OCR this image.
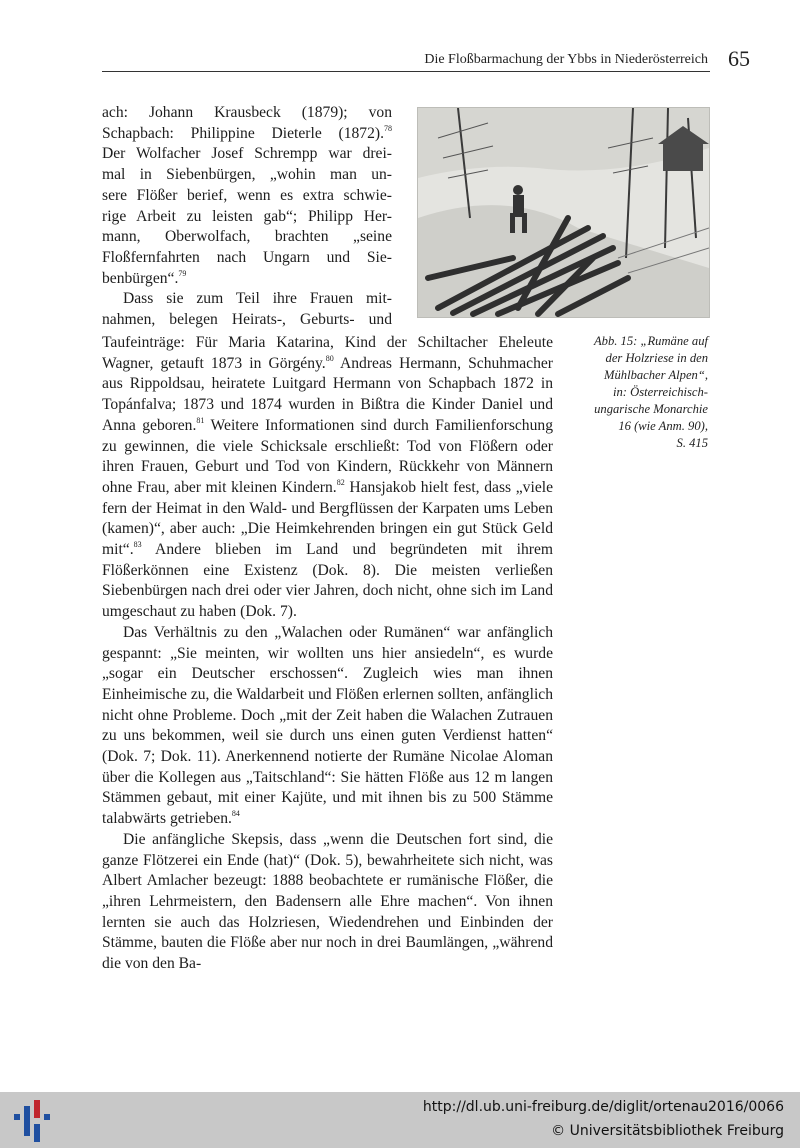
Die Floßbarmachung der Ybbs in Niederösterreich 65
ach: Johann Krausbeck (1879); von
Schapbach: Philippine Dieterle (1872).$^{78}$
Der Wolfacher Josef Schrempp war drei-
mal in Siebenbürgen, „wohin man un-
sere Flößer berief, wenn es extra schwie-
rige Arbeit zu leisten gab“; Philipp Her-
mann, Oberwolfach, brachten „seine
Floßfernfahrten nach Ungarn und Sie-
benbürgen“.$^{79}$
Dass sie zum Teil ihre Frauen mit-
nahmen, belegen Heirats-, Geburts- und

Taufeinträge: Für Maria Katarina, Kind der Schiltacher Eheleute Wagner, getauft 1873 in Görgény.$^{80}$ Andreas Hermann, Schuhmacher aus Rippoldsau, heiratete Luitgard Hermann von Schapbach 1872 in Topánfalva; 1873 und 1874 wurden in Bißtra die Kinder Daniel und Anna geboren.$^{81}$ Weitere Informationen sind durch Familienforschung zu gewinnen, die viele Schicksale erschließt: Tod von Flößern oder ihren Frauen, Geburt und Tod von Kindern, Rückkehr von Männern ohne Frau, aber mit kleinen Kindern.$^{82}$ Hansjakob hielt fest, dass „viele fern der Heimat in den Wald- und Bergflüssen der Karpaten ums Leben (kamen)“, aber auch: „Die Heimkehrenden bringen ein gut Stück Geld mit“.$^{83}$ Andere blieben im Land und begründeten mit ihrem Flößerkönnen eine Existenz (Dok. 8). Die meisten verließen Siebenbürgen nach drei oder vier Jahren, doch nicht, ohne sich im Land umgeschaut zu haben (Dok. 7).

Das Verhältnis zu den „Walachen oder Rumänen“ war anfänglich gespannt: „Sie meinten, wir wollten uns hier ansiedeln“, es wurde „sogar ein Deutscher erschossen“. Zugleich wies man ihnen Einheimische zu, die Waldarbeit und Flößen erlernen sollten, anfänglich nicht ohne Probleme. Doch „mit der Zeit haben die Walachen Zutrauen zu uns bekommen, weil sie durch uns einen guten Verdienst hatten“ (Dok. 7; Dok. 11). Anerkennend notierte der Rumäne Nicolae Aloman über die Kollegen aus „Taitschland“: Sie hätten Flöße aus 12 m langen Stämmen gebaut, mit einer Kajüte, und mit ihnen bis zu 500 Stämme talabwärts getrieben.$^{84}$

Die anfängliche Skepsis, dass „wenn die Deutschen fort sind, die ganze Flötzerei ein Ende (hat)“ (Dok. 5), bewahrheitete sich nicht, was Albert Amlacher bezeugt: 1888 beobachtete er rumänische Flößer, die „ihren Lehrmeistern, den Badensern alle Ehre machen“. Von ihnen lernten sie auch das Holzriesen, Wiedendrehen und Einbinden der Stämme, bauten die Flöße aber nur noch in drei Baumlängen, „während die von den Ba-

Abb. 15: „Rumäne auf
der Holzriese in den
Mühlbacher Alpen“,
in: Österreichisch-
ungarische Monarchie
16 (wie Anm. 90),
S. 415
http://dl.ub.uni-freiburg.de/diglit/ortenau2016/0066
© Universitätsbibliothek Freiburg
